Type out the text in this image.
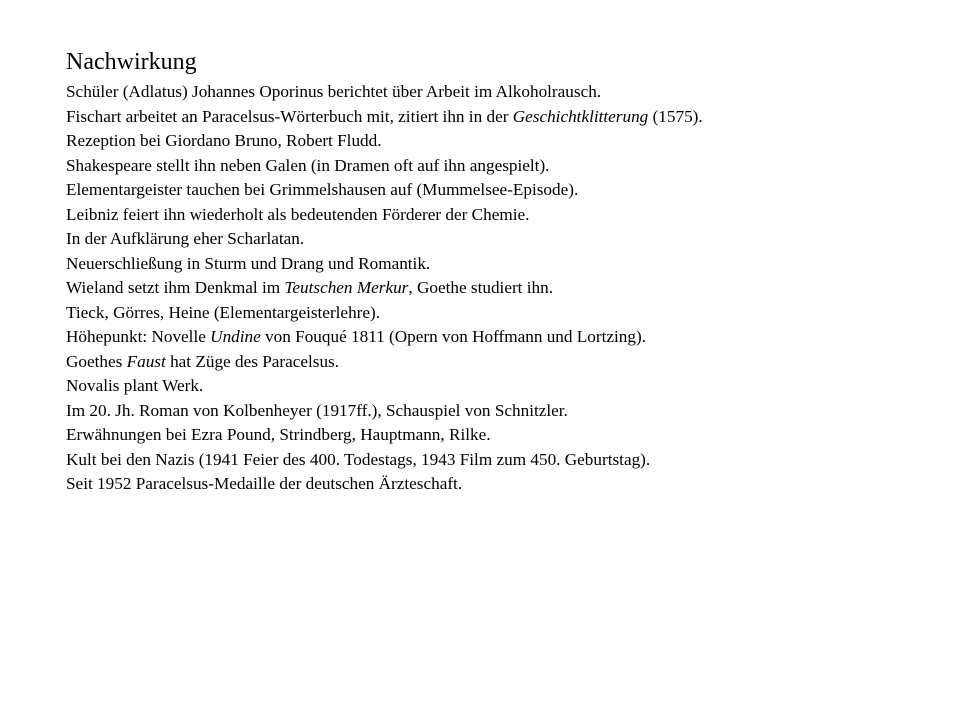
Nachwirkung
Schüler (Adlatus) Johannes Oporinus berichtet über Arbeit im Alkoholrausch.
Fischart arbeitet an Paracelsus-Wörterbuch mit, zitiert ihn in der Geschichtklitterung (1575).
Rezeption bei Giordano Bruno, Robert Fludd.
Shakespeare stellt ihn neben Galen (in Dramen oft auf ihn angespielt).
Elementargeister tauchen bei Grimmelshausen auf (Mummelsee-Episode).
Leibniz feiert ihn wiederholt als bedeutenden Förderer der Chemie.
In der Aufklärung eher Scharlatan.
Neuerschließung in Sturm und Drang und Romantik.
Wieland setzt ihm Denkmal im Teutschen Merkur, Goethe studiert ihn.
Tieck, Görres, Heine (Elementargeisterlehre).
Höhepunkt: Novelle Undine von Fouqué 1811 (Opern von Hoffmann und Lortzing).
Goethes Faust hat Züge des Paracelsus.
Novalis plant Werk.
Im 20. Jh. Roman von Kolbenheyer (1917ff.), Schauspiel von Schnitzler.
Erwähnungen bei Ezra Pound, Strindberg, Hauptmann, Rilke.
Kult bei den Nazis (1941 Feier des 400. Todestags, 1943 Film zum 450. Geburtstag).
Seit 1952 Paracelsus-Medaille der deutschen Ärzteschaft.
